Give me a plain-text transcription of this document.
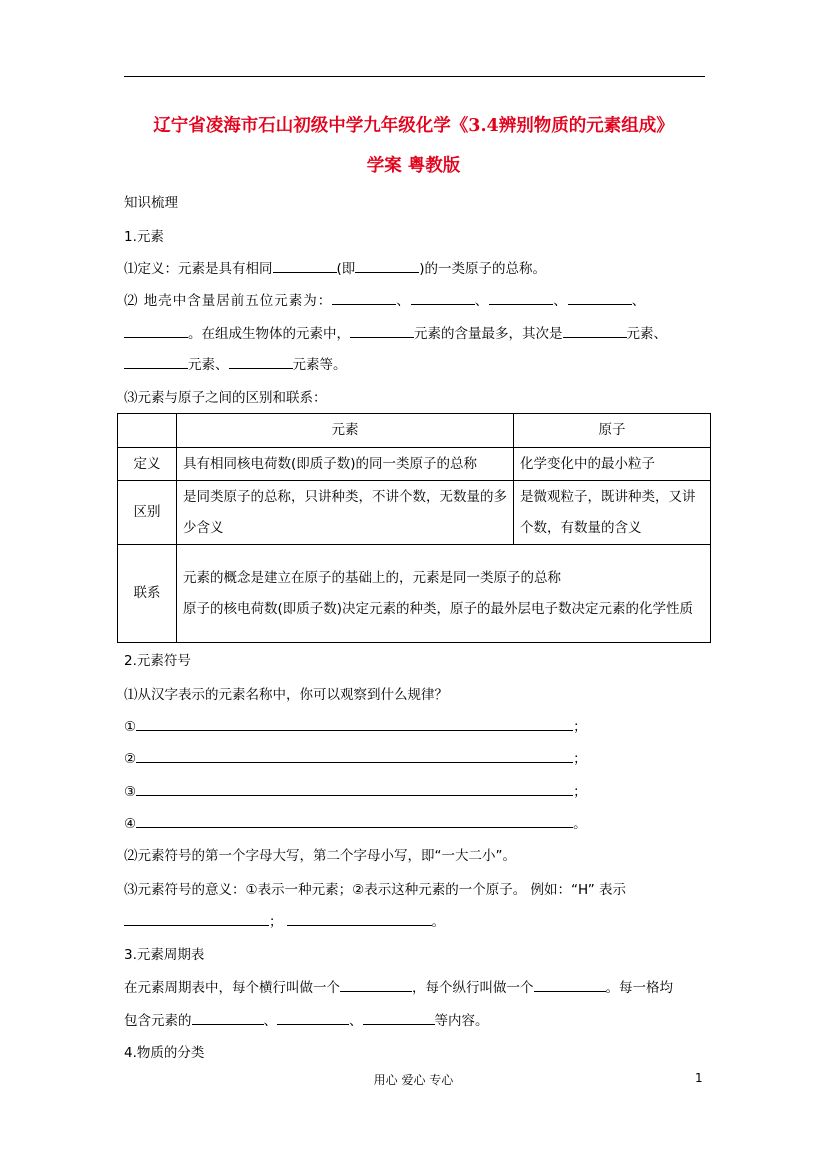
辽宁省凌海市石山初级中学九年级化学《3.4辨别物质的元素组成》
学案 粤教版
知识梳理
1.元素
⑴定义：元素是具有相同	(即	)的一类原子的总称。
⑵ 地壳中含量居前五位元素为：	、	、	、	、
。在组成生物体的元素中，	元素的含量最多，其次是	元素、
元素、	元素等。
⑶元素与原子之间的区别和联系：
	元素	原子
定义	具有相同核电荷数(即质子数)的同一类原子的总称	化学变化中的最小粒子
区别	是同类原子的总称，只讲种类，不讲个数，无数量的多少含义	是微观粒子，既讲种类，又讲个数，有数量的含义
联系	元素的概念是建立在原子的基础上的，元素是同一类原子的总称
原子的核电荷数(即质子数)决定元素的种类，原子的最外层电子数决定元素的化学性质	
2.元素符号
⑴从汉字表示的元素名称中，你可以观察到什么规律？
①	；
②	；
③	；
④	。
⑵元素符号的第一个字母大写，第二个字母小写，即“一大二小”。
⑶元素符号的意义：①表示一种元素；②表示这种元素的一个原子。 例如：“H” 表示
；	。
3.元素周期表
在元素周期表中，每个横行叫做一个	，每个纵行叫做一个	。每一格均
包含元素的	、	、	等内容。
4.物质的分类
用心 爱心 专心	1
